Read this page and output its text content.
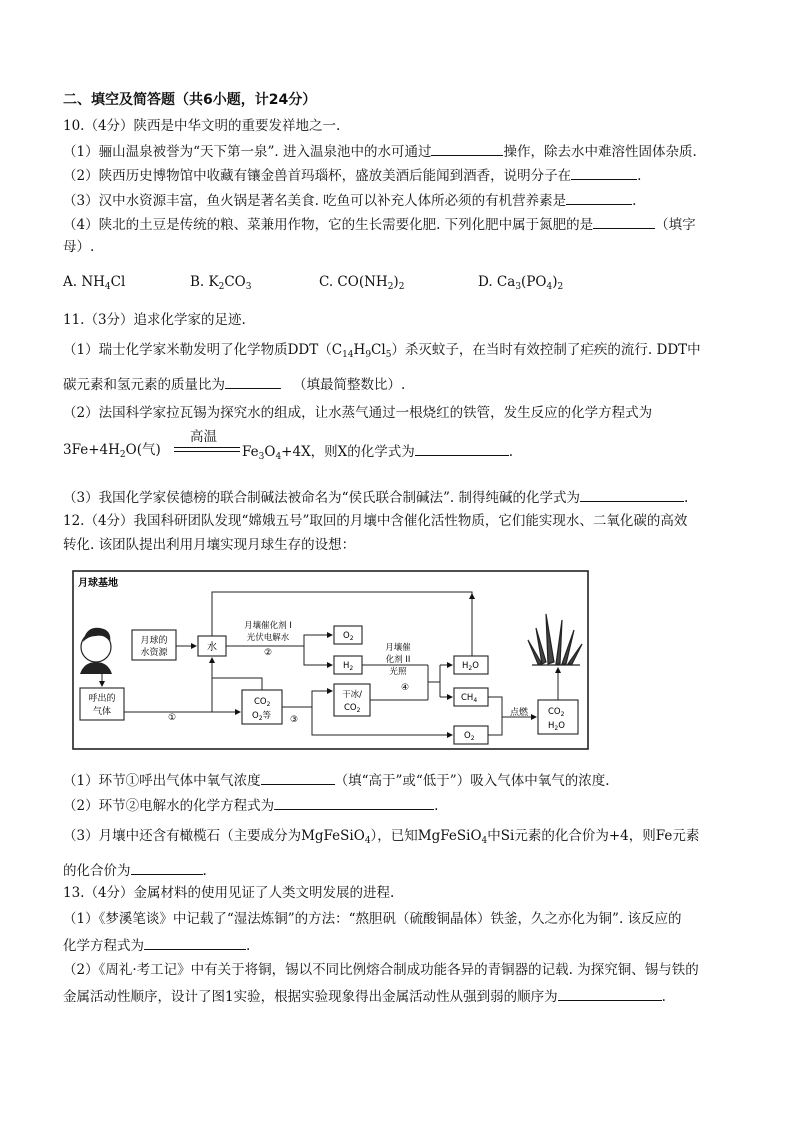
二、填空及简答题（共6小题，计24分）
10.（4分）陕西是中华文明的重要发祥地之一.
（1）骊山温泉被誉为“天下第一泉”. 进入温泉池中的水可通过	操作，除去水中难溶性固体杂质.
（2）陕西历史博物馆中收藏有镶金兽首玛瑙杯，盛放美酒后能闻到酒香，说明分子在	.
（3）汉中水资源丰富，鱼火锅是著名美食. 吃鱼可以补充人体所必须的有机营养素是	.
（4）陕北的土豆是传统的粮、菜兼用作物，它的生长需要化肥. 下列化肥中属于氮肥的是	（填字
母）.
A. $NH_4Cl$	B. $K_2CO_3$	C. $CO(NH_2)_2$	D. $Ca_3(PO_4)_2$
11.（3分）追求化学家的足迹.
（1）瑞士化学家米勒发明了化学物质$DDT(C_{14}H_9Cl_5)$杀灭蚊子，在当时有效控制了疟疾的流行. DDT中
碳元素和氢元素的质量比为	（填最简整数比）.
（2）法国科学家拉瓦锡为探究水的组成，让水蒸气通过一根烧红的铁管，发生反应的化学方程式为
高温
$3Fe+4H_2O$(气)	$Fe_3O_4+4X$，则X的化学式为	.
（3）我国化学家侯德榜的联合制碱法被命名为“侯氏联合制碱法”. 制得纯碱的化学式为	.
12.（4分）我国科研团队发现“嫦娥五号”取回的月壤中含催化活性物质，它们能实现水、二氧化碳的高效
转化. 该团队提出利用月壤实现月球生存的设想：
月球基地
月球的
水资源	水
月壤催化剂 I
光伏电解水
②
$O_2$
$H_2$
月壤催
化剂 II
光照
④
$H_2O$
$CH_4$
$O_2$
呼出的
气体
①
$CO_2$
$O_2$等 ③
干冰/
$CO_2$	点燃 $CO_2$
$H_2O$
（1）环节①呼出气体中氧气浓度	（填“高于”或“低于”）吸入气体中氧气的浓度.
（2）环节②电解水的化学方程式为	.
（3）月壤中还含有橄榄石（主要成分为MgFeSiO$_4$），已知MgFeSiO$_4$中Si元素的化合价为+4，则Fe元素
的化合价为	.
13.（4分）金属材料的使用见证了人类文明发展的进程.
（1）《梦溪笔谈》中记载了“湿法炼铜”的方法：“熬胆矾（硫酸铜晶体）铁釜，久之亦化为铜”. 该反应的
化学方程式为	.
（2）《周礼·考工记》中有关于将铜，锡以不同比例熔合制成功能各异的青铜器的记载. 为探究铜、锡与铁的
金属活动性顺序，设计了图1实验，根据实验现象得出金属活动性从强到弱的顺序为	.
